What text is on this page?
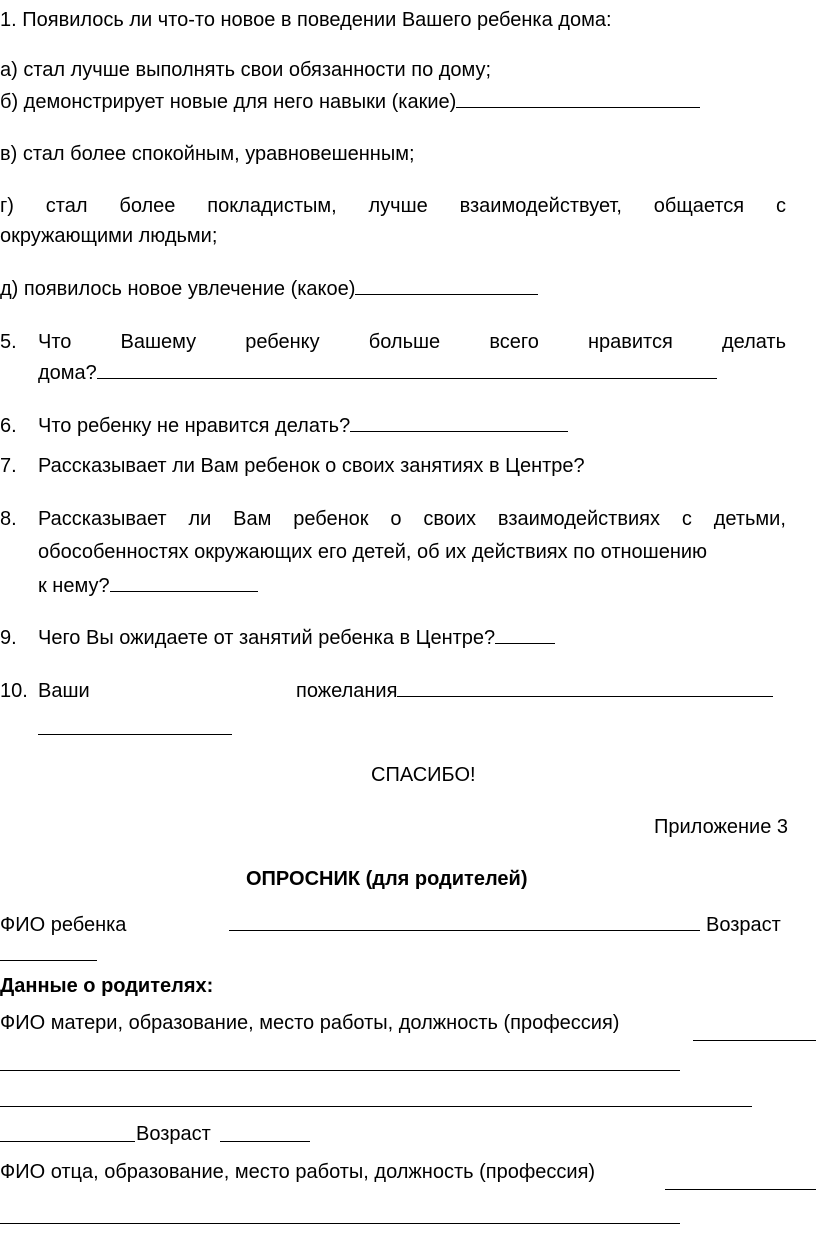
1. Появилось ли что-то новое в поведении Вашего ребенка дома:
а) стал лучше выполнять свои обязанности по дому;
б) демонстрирует новые для него навыки (какие)
в) стал более спокойным, уравновешенным;
г) стал более покладистым, лучше взаимодействует, общается с
окружающими людьми;
д) появилось новое увлечение (какое)
5. Что Вашему ребенку больше всего нравится делать
дома?
6. Что ребенку не нравится делать?
7. Рассказывает ли Вам ребенок о своих занятиях в Центре?
8. Рассказывает ли Вам ребенок о своих взаимодействиях с детьми,
обособенностях окружающих его детей, об их действиях по отношению
к нему?
9. Чего Вы ожидаете от занятий ребенка в Центре?
10. Ваши	пожелания
СПАСИБО!
Приложение 3
ОПРОСНИК (для родителей)
ФИО ребенка	Возраст
Данные о родителях:
ФИО матери, образование, место работы, должность (профессия)
Возраст
ФИО отца, образование, место работы, должность (профессия)
